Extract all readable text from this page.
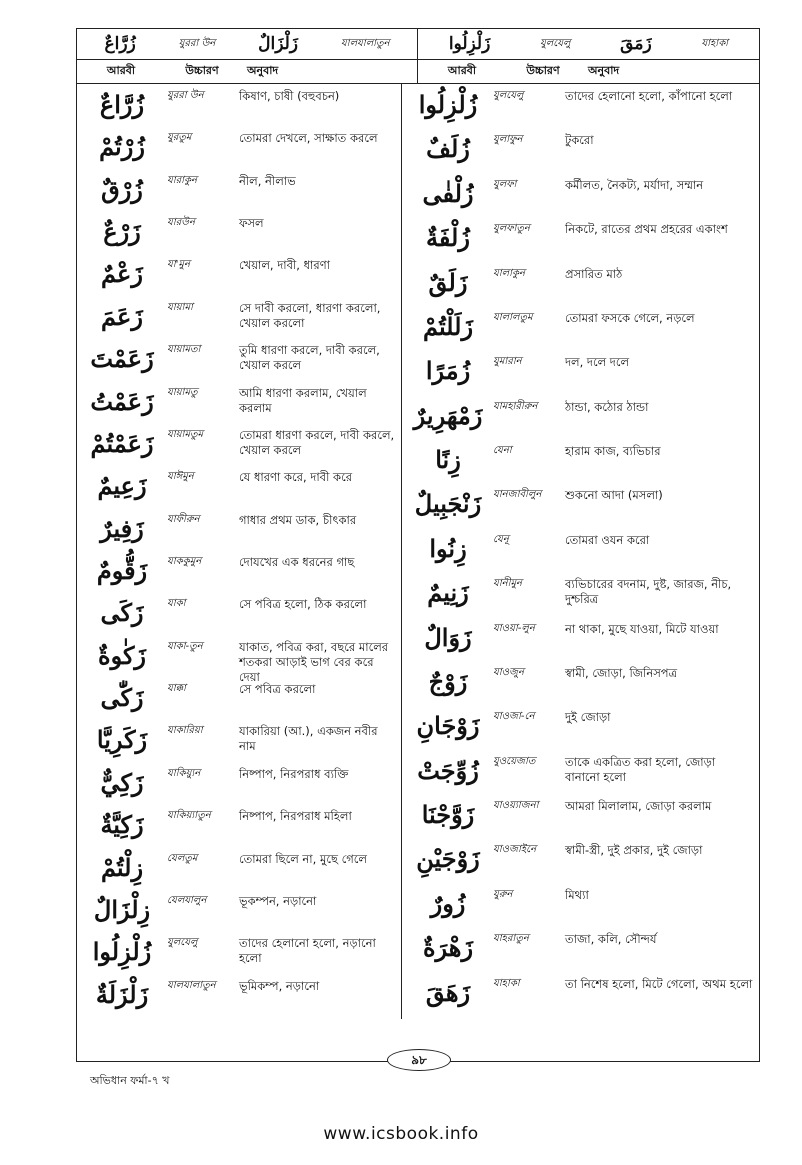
زُرَّاعٌ	যুররা উন	زَلْزَالٌ	যালযালাতুন	زَلْزِلُوا	যুলযেলু	زَمَقَ	যাহাকা
আরবী	উচ্চারণ	অনুবাদ	আরবী	উচ্চারণ	অনুবাদ
زُرَّاعٌ	যুররা উন	কিষাণ, চাষী (বহুবচন)
زُرْتُمْ	যুরতুম	তোমরা দেখলে, সাক্ষাত করলে
زُرْقٌ	যারাকুন	নীল, নীলাভ
زَرْعٌ	যারউন	ফসল
زَعْمٌ	যা'মুন	খেয়াল, দাবী, ধারণা
زَعَمَ	যায়ামা	সে দাবী করলো, ধারণা করলো, খেয়াল করলো
زَعَمْتَ	যায়ামতা	তুমি ধারণা করলে, দাবী করলে, খেয়াল করলে
زَعَمْتُ	যায়ামতু	আমি ধারণা করলাম, খেয়াল করলাম
زَعَمْتُمْ	যায়ামতুম	তোমরা ধারণা করলে, দাবী করলে, খেয়াল করলে
زَعِيمٌ	যাঈমুন	যে ধারণা করে, দাবী করে
زَفِيرٌ	যাফীরুন	গাধার প্রথম ডাক, চীৎকার
زَقُّومٌ	যাককুমুন	দোযখের এক ধরনের গাছ
زَكَى	যাকা	সে পবিত্র হলো, ঠিক করলো
زَكٰوةٌ	যাকা-তুন	যাকাত, পবিত্র করা, বছরে মালের শতকরা আড়াই ভাগ বের করে দেয়া
زَكّٰى	যাক্কা	সে পবিত্র করলো
زَكَرِيَّا	যাকারিয়া	যাকারিয়া (আ.), একজন নবীর নাম
زَكِيٌّ	যাকিয়্যুন	নিষ্পাপ, নিরপরাধ ব্যক্তি
زَكِيَّةٌ	যাকিয়্যাতুন	নিষ্পাপ, নিরপরাধ মহিলা
زِلْتُمْ	যেলতুম	তোমরা ছিলে না, মুছে গেলে
زِلْزَالٌ	যেলযালুন	ভূকম্পন, নড়ানো
زُلْزِلُوا	যুলযেলু	তাদের হেলানো হলো, নড়ানো হলো
زَلْزَلَةٌ	যালযালাতুন	ভূমিকম্প, নড়ানো
زُلْزِلُوا	যুলযেলু	তাদের হেলানো হলো, কাঁপানো হলো
زُلَفٌ	যুলাফুন	টুকরো
زُلْفٰى	যুলফা	কর্মীলত, নৈকট্য, মর্যাদা, সম্মান
زُلْفَةٌ	যুলফাতুন	নিকটে, রাতের প্রথম প্রহরের একাংশ
زَلَقٌ	যালাকুন	প্রসারিত মাঠ
زَلَلْتُمْ	যালালতুম	তোমরা ফসকে গেলে, নড়লে
زُمَرًا	যুমারান	দল, দলে দলে
زَمْهَرِيرٌ	যামহারীরুন	ঠান্ডা, কঠোর ঠান্ডা
زِنًا	যেনা	হারাম কাজ, ব্যভিচার
زَنْجَبِيلٌ	যানজাবীলুন	শুকনো আদা (মসলা)
زِنُوا	যেনূ	তোমরা ওযন করো
زَنِيمٌ	যানীমুন	ব্যভিচারের বদনাম, দুষ্ট, জারজ, নীচ, দুশ্চরিত্র
زَوَالٌ	যাওয়া-লুন	না থাকা, মুছে যাওয়া, মিটে যাওয়া
زَوْجٌ	যাওজুন	স্বামী, জোড়া, জিনিসপত্র
زَوْجَانِ	যাওজা-নে	দুই জোড়া
زُوِّجَتْ	যুওয়েজাত	তাকে একত্রিত করা হলো, জোড়া বানানো হলো
زَوَّجْنَا	যাওয়্যাজনা	আমরা মিলালাম, জোড়া করলাম
زَوْجَيْنِ	যাওজাইনে	স্বামী-স্ত্রী, দুই প্রকার, দুই জোড়া
زُورٌ	যুরুন	মিথ্যা
زَهْرَةٌ	যাহরাতুন	তাজা, কলি, সৌন্দর্য
زَهَقَ	যাহাকা	তা নিশেষ হলো, মিটে গেলো, অথম হলো
৯৮
অভিধান ফর্মা-৭ খ
www.icsbook.info
